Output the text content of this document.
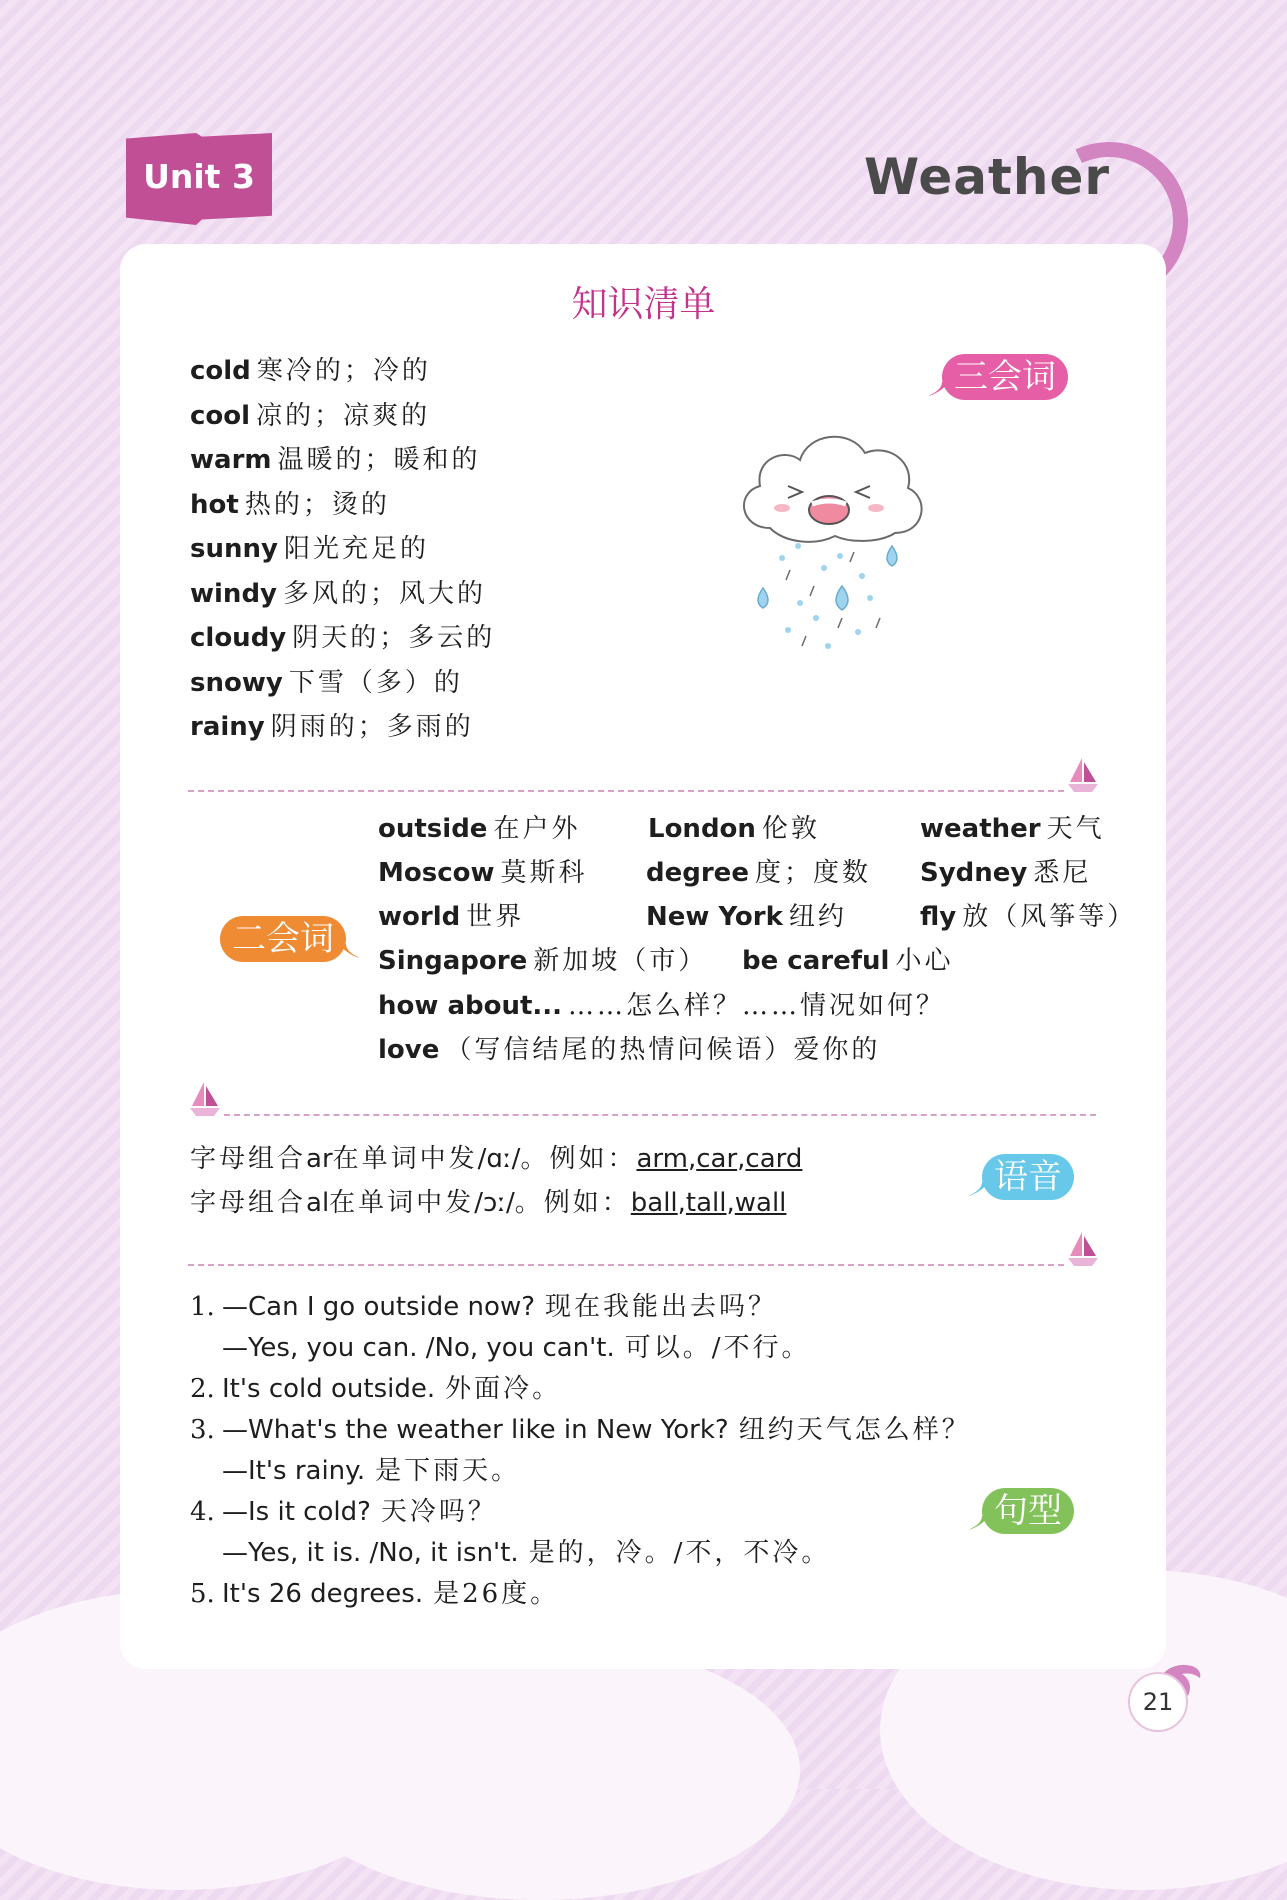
Unit 3	Weather
知识清单
三会词
cold 寒冷的；冷的
cool 凉的；凉爽的
warm 温暖的；暖和的
hot 热的；烫的
sunny 阳光充足的
windy 多风的；风大的
cloudy 阴天的；多云的
snowy 下雪（多）的
rainy 阴雨的；多雨的
二会词
outside 在户外	London 伦敦	weather 天气
Moscow 莫斯科 degree 度；度数 Sydney 悉尼
world 世界	New York 纽约	fly 放（风筝等）
Singapore 新加坡（市） be careful 小心
how about... ……怎么样？……情况如何？
love （写信结尾的热情问候语）爱你的
语音
字母组合ar在单词中发/ɑː/。例如：arm,car,card
字母组合al在单词中发/ɔː/。例如：ball,tall,wall
句型
1. —Can I go outside now? 现在我能出去吗？
—Yes, you can. /No, you can't. 可以。/不行。
2. It's cold outside. 外面冷。
3. —What's the weather like in New York? 纽约天气怎么样？
—It's rainy. 是下雨天。
4. —Is it cold? 天冷吗？
—Yes, it is. /No, it isn't. 是的，冷。/不，不冷。
5. It's 26 degrees. 是26度。
21
